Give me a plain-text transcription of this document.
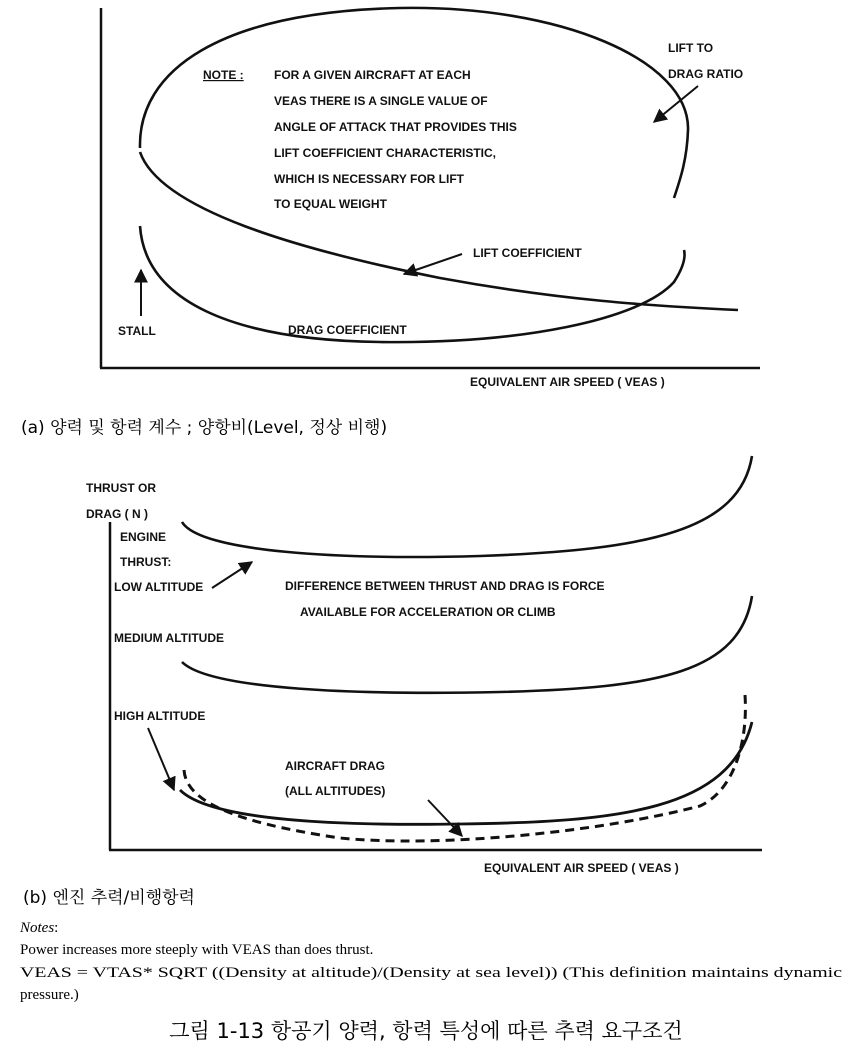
NOTE :	FOR A GIVEN AIRCRAFT AT EACH
VEAS THERE IS A SINGLE VALUE OF
ANGLE OF ATTACK THAT PROVIDES THIS
LIFT COEFFICIENT CHARACTERISTIC,
WHICH IS NECESSARY FOR LIFT
TO EQUAL WEIGHT
LIFT TO
DRAG RATIO
LIFT COEFFICIENT
DRAG COEFFICIENT
STALL
EQUIVALENT AIR SPEED ( VEAS )
(a) 양력 및 항력 계수 ; 양항비(Level, 정상 비행)
THRUST OR
DRAG ( N )
ENGINE
THRUST:
LOW ALTITUDE	DIFFERENCE BETWEEN THRUST AND DRAG IS FORCE
AVAILABLE FOR ACCELERATION OR CLIMB
MEDIUM ALTITUDE
HIGH ALTITUDE
AIRCRAFT DRAG
(ALL ALTITUDES)
EQUIVALENT AIR SPEED ( VEAS )
(b) 엔진 추력/비행항력
Notes:
Power increases more steeply with VEAS than does thrust.
VEAS = VTAS* SQRT ((Density at altitude)/(Density at sea level)) (This definition maintains dynamic
pressure.)
그림 1-13 항공기 양력, 항력 특성에 따른 추력 요구조건
